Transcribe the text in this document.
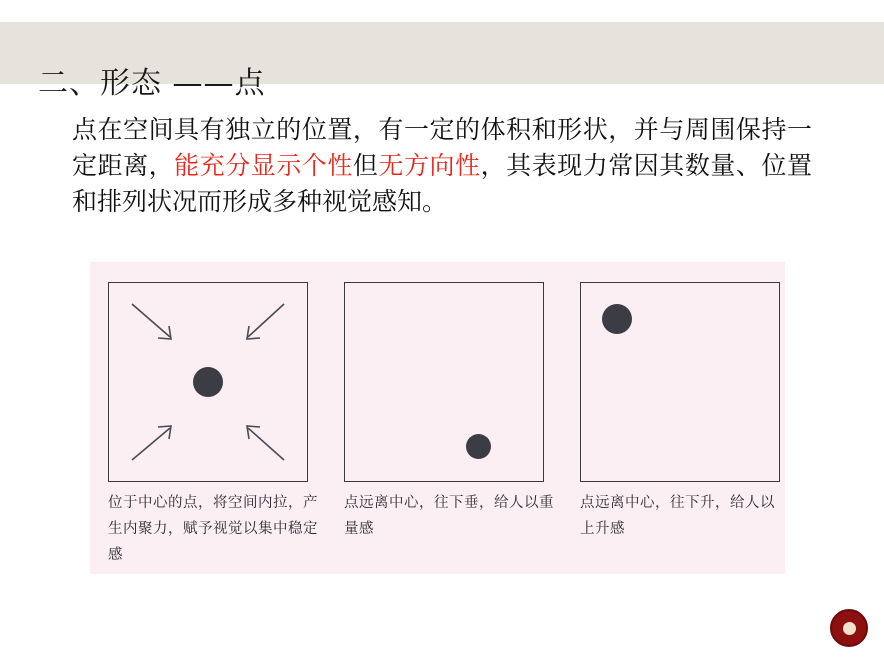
二、形态 ——点
点在空间具有独立的位置，有一定的体积和形状，并与周围保持一定距离，能充分显示个性但无方向性，其表现力常因其数量、位置和排列状况而形成多种视觉感知。
位于中心的点，将空间内拉，产生内聚力，赋予视觉以集中稳定感
点远离中心，往下垂，给人以重量感
点远离中心，往下升，给人以上升感
